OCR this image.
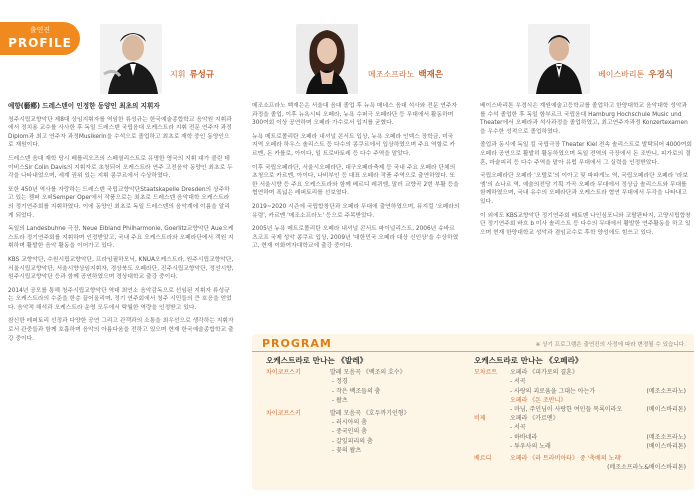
출연진
PROFILE
지휘 류성규	메조소프라노 백재은	베이스바리톤 우경식

예향(藝鄕) 드레스덴이 인정한 동양인 최초의 지휘자

청주시립교향악단 제8대 상임지휘자를 역임한 류성규는 한국예술종합학교 음악원 지휘과에서 정치용 교수를 사사한 후 독일 드레스덴 국립음대 오케스트라 지휘 전문 연주자 과정Diplom과 최고 연주자 과정Musikerin을 수석으로 졸업하고 최초로 재학 중인 동양인으로 재원이다.

드레스덴 음대 재학 당시 베를리오즈의 스페셜리스트로 유명한 영국의 지휘 대가 콜린 데이비스Sir Colin Davis의 지휘자로 초청되어 오케스트라 연주 고전음악 동양인 최초로 두각을 나타내었으며, 세계 권위 있는 지휘 콩쿠르에서 수상하였다.

또한 450년 역사를 자랑하는 드레스덴 국립교향악단Staatskapelle Dresden의 상주하고 있는 젬퍼 오퍼Semper Oper에서 작품으로는 최초로 드레스덴 음악대학 오케스트라의 정기연주회를 지휘하였다. 이에 동양인 최초로 독일 드레스덴의 음악계에 이름을 알리게 되었다.

독일의 Landesbuhne 극장, Neue Elbland Philharmonie, Goerlitz교향악단 Aue오케스트라 정기연주회를 지휘하며 인정받았고, 국내 주요 오케스트라와 오페라단에서 객원 지휘하며 활발한 음악 활동을 이어가고 있다.

KBS 교향악단, 수원시립교향악단, 프라임필하모닉, KNUA오케스트라, 원주시립교향악단, 서울시립교향악단, 서울시향상임지휘자, 경상북도 오페라단, 진주시립교향악단, 정선시향, 원주시립교향악단 등과 함께 공연하였으며 경상대학교 출강 중이다.

2014년 공모를 통해 청주시립교향악단 역대 최연소 음악감독으로 선임된 지휘자 류성규는 오케스트라의 수준을 한층 끌어올리며, 정기 연주회에서 청주 시민들의 큰 호응을 얻었다. 음악적 해석과 오케스트라 운영 모두에서 탁월한 역량을 인정받고 있다.

참신한 레퍼토리 선정과 다양한 공연 그리고 관객과의 소통을 최우선으로 생각하는 지휘자로서 관중들과 함께 호흡하며 음악의 아름다움을 전하고 있으며 현재 한국예술종합학교 출강 중이다.

메조소프라노 백재은은 서울대 음대 졸업 후 뉴욕 매네스 음대 석사와 전문 연주자 과정을 졸업, 이후 뉴욕시티 오페라, 뉴욕 수퍼극 오페라단 등 무대에서 활동하며 300여회 이상 공연하며 오페라 가수로서 입지를 굳혔다.

뉴욕 메트로폴리탄 오페라 내셔널 콘서트 입상, 뉴욕 오페라 인덱스 장학금, 미국 지역 오페라 하우스 솔리스트 등 다수의 콩쿠르에서 입상하였으며 주요 역할로 카르멘, 돈 카를로, 아이다, 일 트로바토레 등 다수 주역을 맡았다.

이후 국립오페라단, 서울시오페라단, 대구오페라축제 등 국내 주요 오페라 단체의 초청으로 카르멘, 아이다, 나비부인 등 대표 오페라 작품 주역으로 출연하였다. 또한 서울시향 등 주요 오케스트라와 함께 베르디 레퀴엠, 말러 교향곡 2번 부활 등을 협연하며 폭넓은 레퍼토리를 선보였다.

2019~2020 시즌에 국립합창단과 오페라 무대에 출연하였으며, 뮤지컬 '오페라의 유령', 카르멘 '메조소프라노' 등으로 주목받았다.

2005년 뉴욕 메트로폴리탄 오페라 내셔널 콘서트 파이널리스트, 2006년 슈바르츠코프 국제 성악 콩쿠르 입상, 2009년 '대한민국 오페라 대상 신인상'을 수상하였고, 현재 이화여자대학교에 출강 중이다.

베이스바리톤 우경식은 계원예술고등학교를 졸업하고 한양대학교 음악대학 성악과를 수석 졸업한 후 독일 함부르크 국립음대 Hamburg Hochschule Music und Theater에서 오페라과 석사과정을 졸업하였고, 최고연주자과정 Konzertexamen을 우수한 성적으로 졸업하였다.

졸업과 동시에 독일 킬 국립극장 Theater Kiel 전속 솔리스트로 발탁되어 4000여회 오페라 공연으로 활발히 활동하였으며 독일 전역의 극장에서 돈 조반니, 피가로의 결혼, 마술피리 등 다수 주역을 맡아 유럽 무대에서 그 실력을 인정받았다.

국립오페라단 오페라 '오텔로'의 이아고 및 파파게노 역, 국립오페라단 오페라 '라보엠'의 쇼나르 역, 예술의전당 기획 가곡 오페라 무대에서 정상급 솔리스트와 무대를 함께하였으며, 국내 유수의 오페라단과 오케스트라 협연 무대에서 두각을 나타내고 있다.

이 외에도 KBS교향악단 정기연주회 베토벤 나인심포니와 코랄판타지, 고양시립합창단 정기연주회 바흐 b 미사 솔리스트 등 다수의 무대에서 활발한 연주활동을 하고 있으며 현재 한양대학교 성악과 겸임교수로 후학 양성에도 힘쓰고 있다.

PROGRAM	※ 상기 프로그램은 출연진의 사정에 따라 변경될 수 있습니다.
오케스트라로 만나는 《발레》
차이코프스키	발레 모음곡 《백조의 호수》
- 정경
- 작은 백조들의 춤
- 왈츠
차이코프스키	발레 모음곡 《호두까기인형》
- 러시아의 춤
- 중국인의 춤
- 갈잎피리의 춤
- 꽃의 왈츠
오케스트라로 만나는 《오페라》
모차르트 오페라 《피가로의 결혼》
- 서곡
- 사랑의 괴로움을 그대는 아는가	(메조소프라노)
오페라 《돈 조반니》
- 마님, 주인님이 사랑한 여인들 목록이라오	(베이스바리톤)
비제	오페라 《카르멘》
- 서곡
- 하바네라	(메조소프라노)
- 투우사의 노래	(베이스바리톤)
베르디	오페라 《라 트라비아타》 중 '축배의 노래'
(메조소프라노&베이스바리톤)
